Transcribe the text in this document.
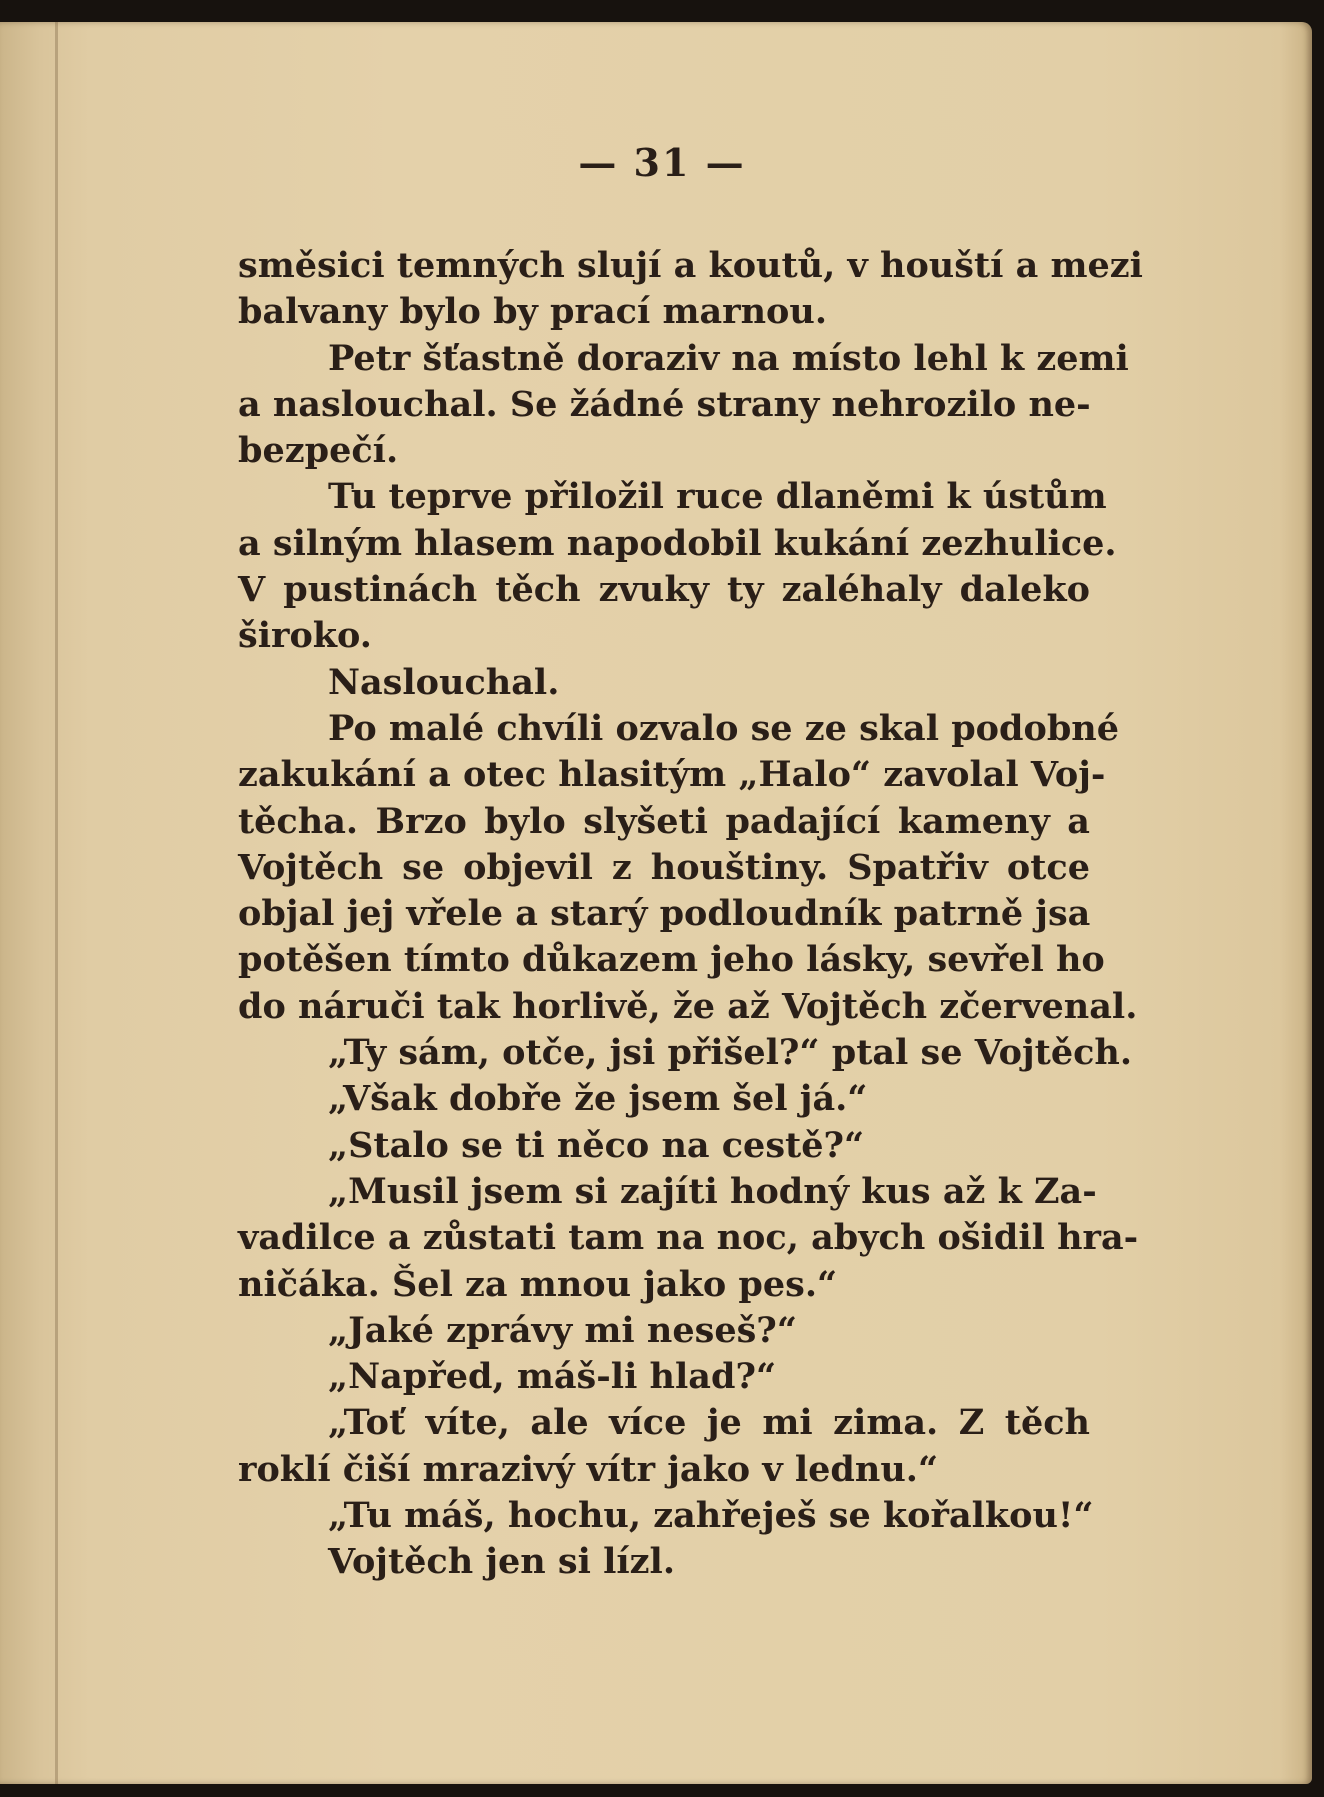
— 31 —
směsici temných slují a koutů, v houští a mezi
balvany bylo by prací marnou.
Petr šťastně doraziv na místo lehl k zemi
a naslouchal. Se žádné strany nehrozilo ne-
bezpečí.
Tu teprve přiložil ruce dlaněmi k ústům
a silným hlasem napodobil kukání zezhulice.
V pustinách těch zvuky ty zaléhaly daleko
široko.
Naslouchal.
Po malé chvíli ozvalo se ze skal podobné
zakukání a otec hlasitým „Halo“ zavolal Voj-
těcha. Brzo bylo slyšeti padající kameny a
Vojtěch se objevil z houštiny. Spatřiv otce
objal jej vřele a starý podloudník patrně jsa
potěšen tímto důkazem jeho lásky, sevřel ho
do náruči tak horlivě, že až Vojtěch zčervenal.
„Ty sám, otče, jsi přišel?“ ptal se Vojtěch.
„Však dobře že jsem šel já.“
„Stalo se ti něco na cestě?“
„Musil jsem si zajíti hodný kus až k Za-
vadilce a zůstati tam na noc, abych ošidil hra-
ničáka. Šel za mnou jako pes.“
„Jaké zprávy mi neseš?“
„Napřed, máš-li hlad?“
„Toť víte, ale více je mi zima. Z těch
roklí čiší mrazivý vítr jako v lednu.“
„Tu máš, hochu, zahřeješ se kořalkou!“
Vojtěch jen si lízl.
